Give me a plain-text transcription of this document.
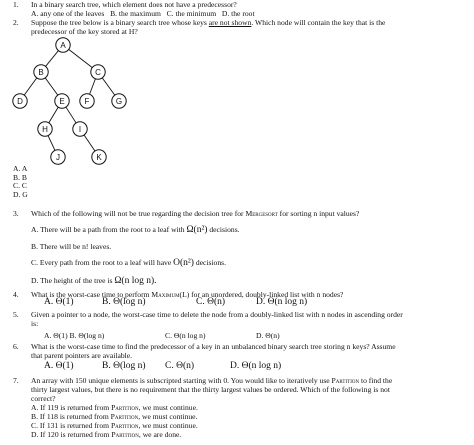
1. In a binary search tree, which element does not have a predecessor?
A. any one of the leaves   B. the maximum   C. the minimum   D. the root
2. Suppose the tree below is a binary search tree whose keys are not shown. Which node will contain the key that is the
predecessor of the key stored at H?
A
B	C
D	E F	G
H	I
J	K
A. A
B. B
C. C
D. G
3. Which of the following will not be true regarding the decision tree for Mergesort for sorting n input values?
A. There will be a path from the root to a leaf with Ω(n²) decisions.
B. There will be n! leaves.
C. Every path from the root to a leaf will have O(n²) decisions.
D. The height of the tree is Ω(n log n).
4. What is the worst-case time to perform Maximum(L) for an unordered, doubly-linked list with n nodes?
A. Θ(1)	B. Θ(log n)	C. Θ(n)	D. Θ(n log n)
5. Given a pointer to a node, the worst-case time to delete the node from a doubly-linked list with n nodes in ascending order
is:
A. Θ(1) B. Θ(log n)	C. Θ(n log n)	D. Θ(n)
6. What is the worst-case time to find the predecessor of a key in an unbalanced binary search tree storing n keys? Assume
that parent pointers are available.
A. Θ(1)	B. Θ(log n) C. Θ(n)	D. Θ(n log n)
7. An array with 150 unique elements is subscripted starting with 0. You would like to iteratively use Partition to find the
thirty largest values, but there is no requirement that the thirty largest values be ordered. Which of the following is not
correct?
A. If 119 is returned from Partition, we must continue.
B. If 118 is returned from Partition, we must continue.
C. If 131 is returned from Partition, we must continue.
D. If 120 is returned from Partition, we are done.
